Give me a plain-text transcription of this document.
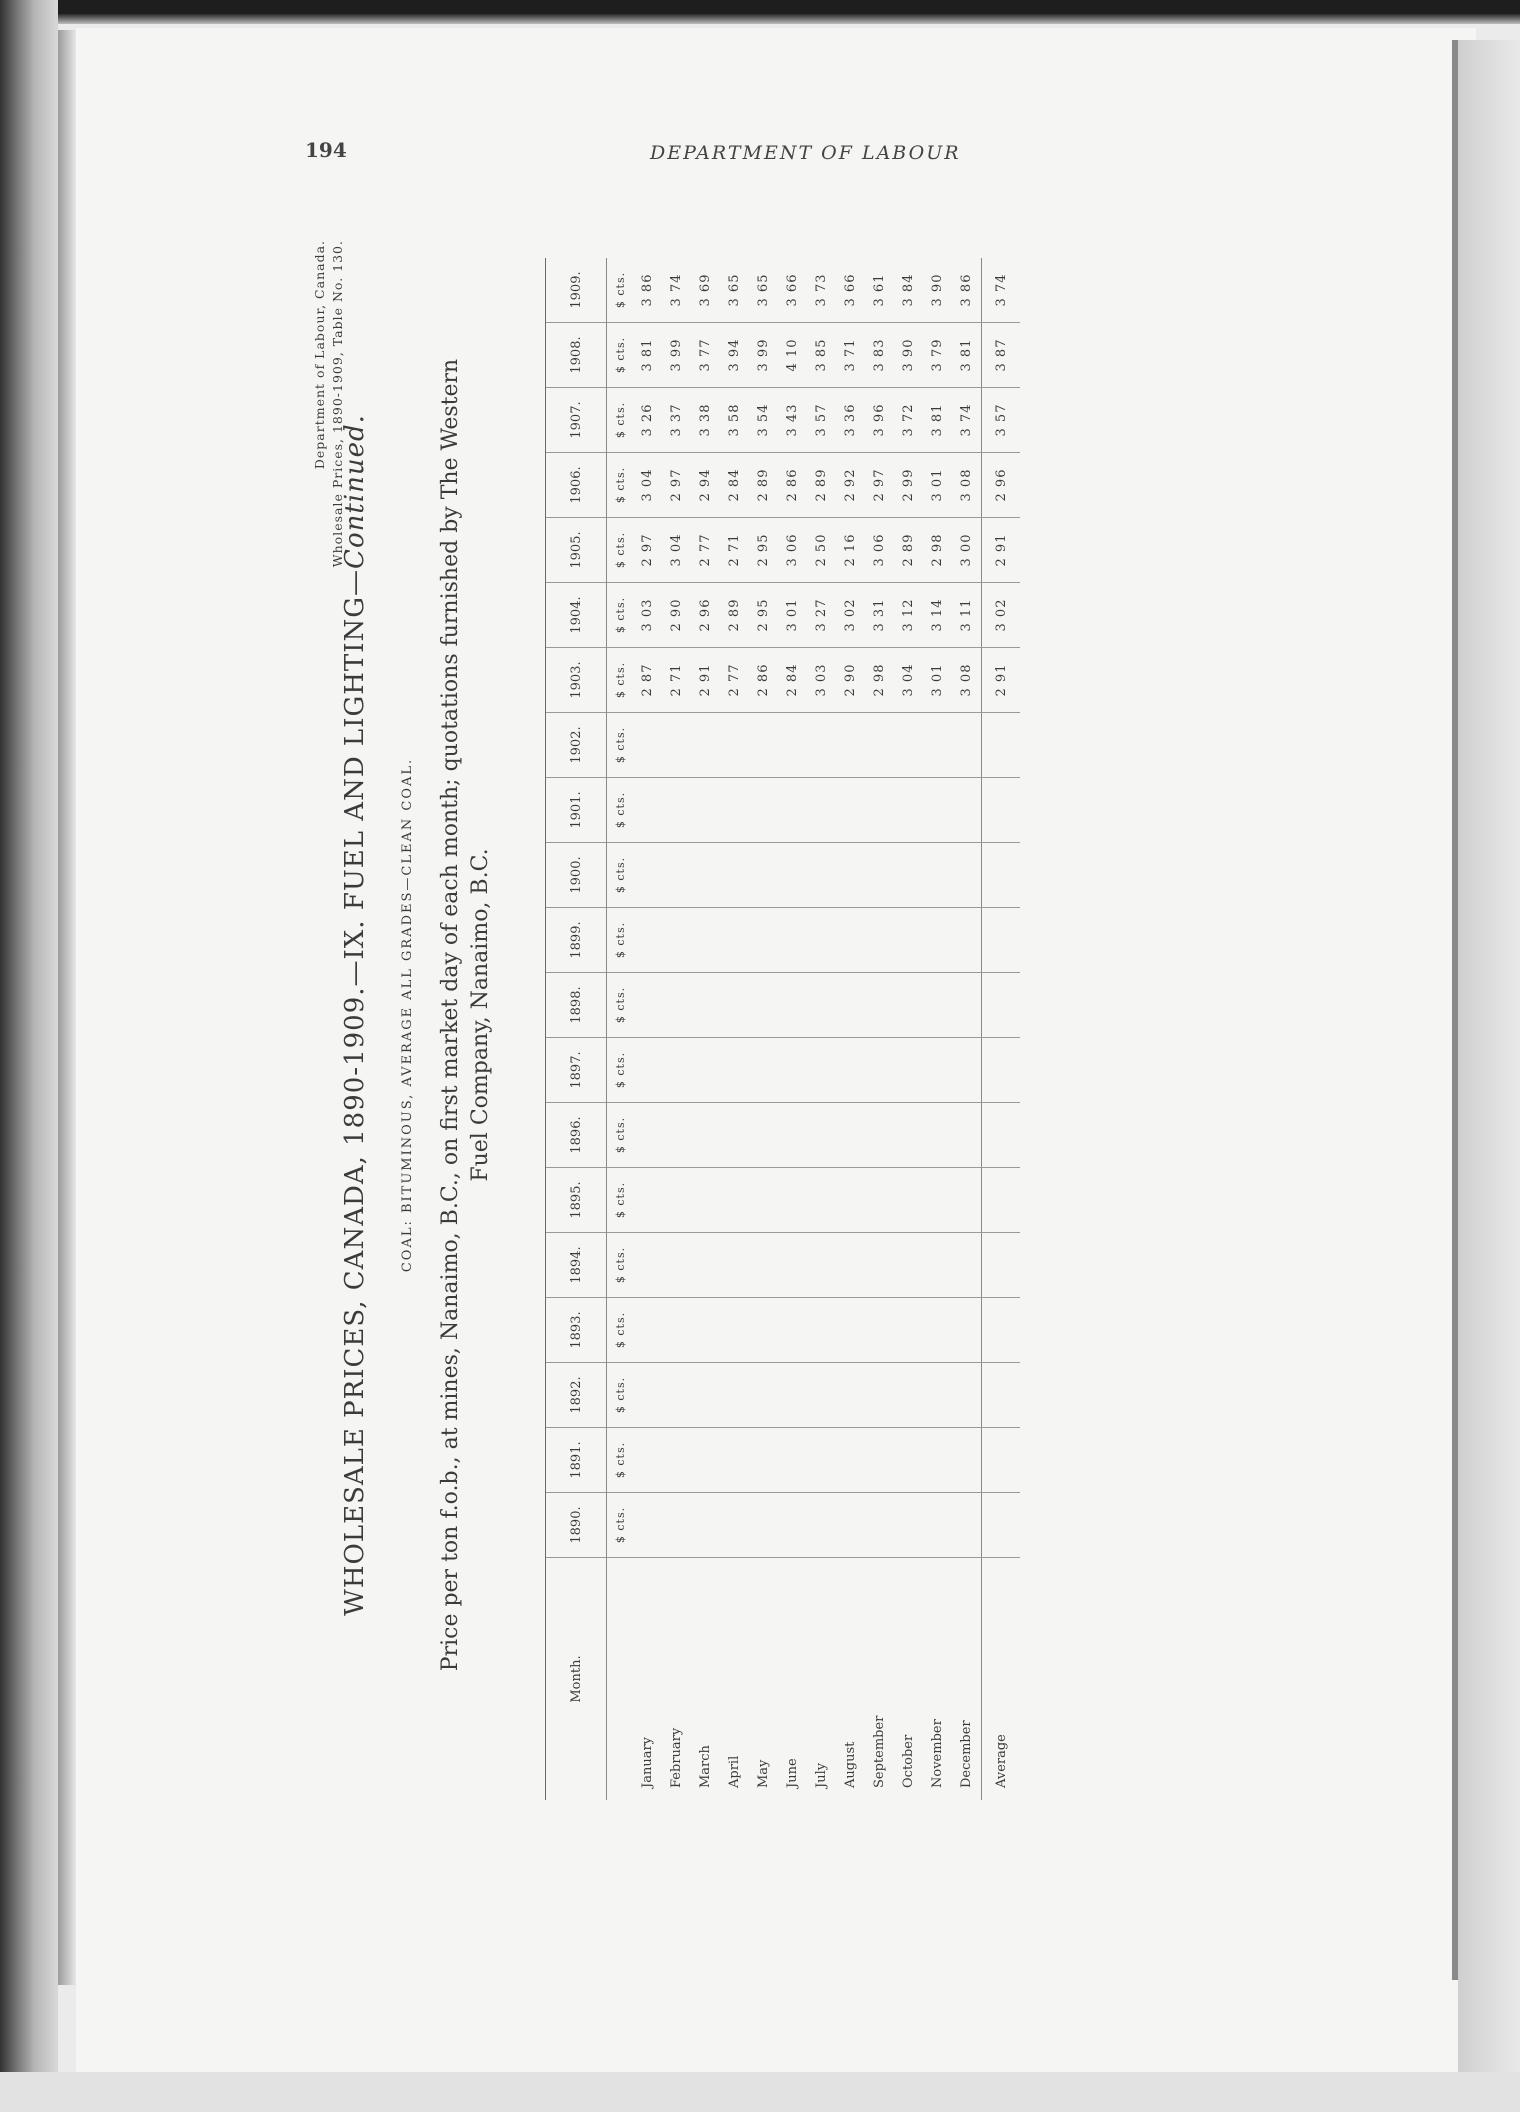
194	DEPARTMENT OF LABOUR
Department of Labour, Canada. Wholesale Prices, 1890-1909, Table No. 130.
WHOLESALE PRICES, CANADA, 1890-1909.—IX. FUEL AND LIGHTING—Continued.
COAL: BITUMINOUS, AVERAGE ALL GRADES—CLEAN COAL. Price per ton f.o.b., at mines, Nanaimo, B.C., on first market day of each month; quotations furnished by The Western Fuel Company, Nanaimo, B.C.
Month.	1890.	1891.	1892.	1893.	1894.	1895.	1896.	1897.	1898.	1899.	1900.	1901.	1902.	1903.	1904.	1905.	1906.	1907.	1908.	1909.
	$ cts.	$ cts.	$ cts.	$ cts.	$ cts.	$ cts.	$ cts.	$ cts.	$ cts.	$ cts.	$ cts.	$ cts.	$ cts.	$ cts.	$ cts.	$ cts.	$ cts.	$ cts.	$ cts.	$ cts.
January														2 87	3 03	2 97	3 04	3 26	3 81	3 86
February														2 71	2 90	3 04	2 97	3 37	3 99	3 74
March														2 91	2 96	2 77	2 94	3 38	3 77	3 69
April														2 77	2 89	2 71	2 84	3 58	3 94	3 65
May														2 86	2 95	2 95	2 89	3 54	3 99	3 65
June														2 84	3 01	3 06	2 86	3 43	4 10	3 66
July														3 03	3 27	2 50	2 89	3 57	3 85	3 73
August														2 90	3 02	2 16	2 92	3 36	3 71	3 66
September														2 98	3 31	3 06	2 97	3 96	3 83	3 61
October														3 04	3 12	2 89	2 99	3 72	3 90	3 84
November														3 01	3 14	2 98	3 01	3 81	3 79	3 90
December														3 08	3 11	3 00	3 08	3 74	3 81	3 86
Average														2 91	3 02	2 91	2 96	3 57	3 87	3 74
